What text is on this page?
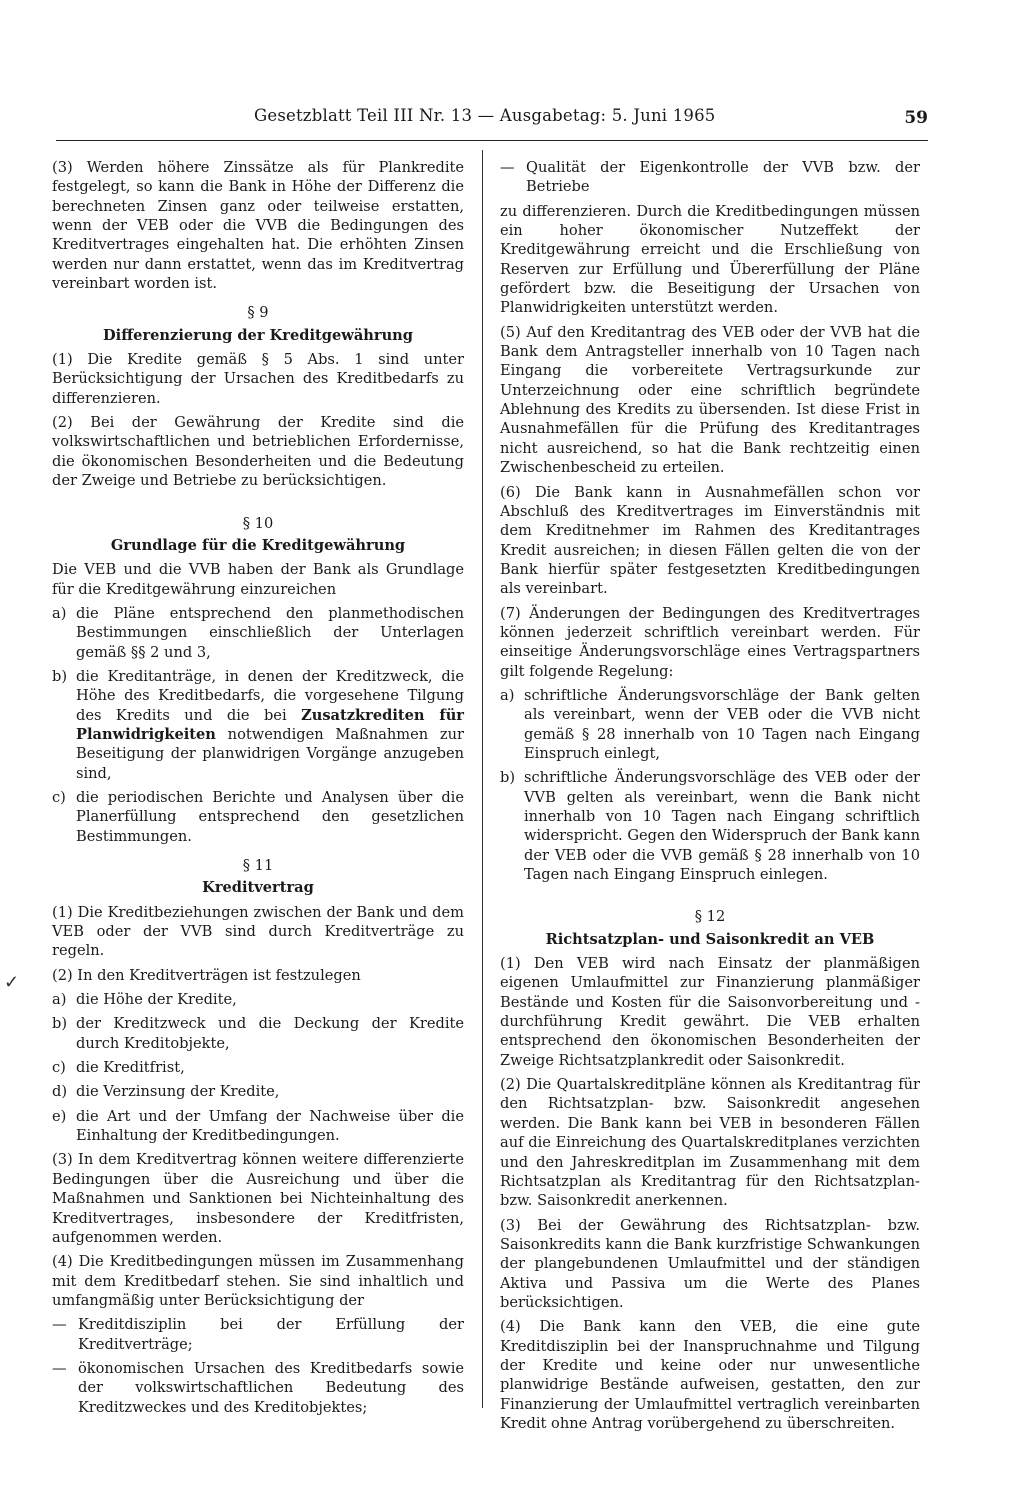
Gesetzblatt Teil III Nr. 13 — Ausgabetag: 5. Juni 1965	59
✓

(3) Werden höhere Zinssätze als für Plankredite festgelegt, so kann die Bank in Höhe der Differenz die berechneten Zinsen ganz oder teilweise erstatten, wenn der VEB oder die VVB die Bedingungen des Kreditvertrages eingehalten hat. Die erhöhten Zinsen werden nur dann erstattet, wenn das im Kreditvertrag vereinbart worden ist.

§ 9
Differenzierung der Kreditgewährung

(1) Die Kredite gemäß § 5 Abs. 1 sind unter Berücksichtigung der Ursachen des Kreditbedarfs zu differenzieren.

(2) Bei der Gewährung der Kredite sind die volkswirtschaftlichen und betrieblichen Erfordernisse, die ökonomischen Besonderheiten und die Bedeutung der Zweige und Betriebe zu berücksichtigen.

§ 10
Grundlage für die Kreditgewährung

Die VEB und die VVB haben der Bank als Grundlage für die Kreditgewährung einzureichen

a) die Pläne entsprechend den planmethodischen Bestimmungen einschließlich der Unterlagen gemäß §§ 2 und 3,
b) die Kreditanträge, in denen der Kreditzweck, die Höhe des Kreditbedarfs, die vorgesehene Tilgung des Kredits und die bei Zusatzkrediten für Planwidrigkeiten notwendigen Maßnahmen zur Beseitigung der planwidrigen Vorgänge anzugeben sind,
c) die periodischen Berichte und Analysen über die Planerfüllung entsprechend den gesetzlichen Bestimmungen.
§ 11
Kreditvertrag

(1) Die Kreditbeziehungen zwischen der Bank und dem VEB oder der VVB sind durch Kreditverträge zu regeln.

(2) In den Kreditverträgen ist festzulegen

a) die Höhe der Kredite,
b) der Kreditzweck und die Deckung der Kredite durch Kreditobjekte,
c) die Kreditfrist,
d) die Verzinsung der Kredite,
e) die Art und der Umfang der Nachweise über die Einhaltung der Kreditbedingungen.

(3) In dem Kreditvertrag können weitere differenzierte Bedingungen über die Ausreichung und über die Maßnahmen und Sanktionen bei Nichteinhaltung des Kreditvertrages, insbesondere der Kreditfristen, aufgenommen werden.

(4) Die Kreditbedingungen müssen im Zusammenhang mit dem Kreditbedarf stehen. Sie sind inhaltlich und umfangmäßig unter Berücksichtigung der

— Kreditdisziplin bei der Erfüllung der Kreditverträge;
— ökonomischen Ursachen des Kreditbedarfs sowie der volkswirtschaftlichen Bedeutung des Kreditzweckes und des Kreditobjektes;
— Qualität der Eigenkontrolle der VVB bzw. der Betriebe

zu differenzieren. Durch die Kreditbedingungen müssen ein hoher ökonomischer Nutzeffekt der Kreditgewährung erreicht und die Erschließung von Reserven zur Erfüllung und Übererfüllung der Pläne gefördert bzw. die Beseitigung der Ursachen von Planwidrigkeiten unterstützt werden.

(5) Auf den Kreditantrag des VEB oder der VVB hat die Bank dem Antragsteller innerhalb von 10 Tagen nach Eingang die vorbereitete Vertragsurkunde zur Unterzeichnung oder eine schriftlich begründete Ablehnung des Kredits zu übersenden. Ist diese Frist in Ausnahmefällen für die Prüfung des Kreditantrages nicht ausreichend, so hat die Bank rechtzeitig einen Zwischenbescheid zu erteilen.

(6) Die Bank kann in Ausnahmefällen schon vor Abschluß des Kreditvertrages im Einverständnis mit dem Kreditnehmer im Rahmen des Kreditantrages Kredit ausreichen; in diesen Fällen gelten die von der Bank hierfür später festgesetzten Kreditbedingungen als vereinbart.

(7) Änderungen der Bedingungen des Kreditvertrages können jederzeit schriftlich vereinbart werden. Für einseitige Änderungsvorschläge eines Vertragspartners gilt folgende Regelung:

a) schriftliche Änderungsvorschläge der Bank gelten als vereinbart, wenn der VEB oder die VVB nicht gemäß § 28 innerhalb von 10 Tagen nach Eingang Einspruch einlegt,
b) schriftliche Änderungsvorschläge des VEB oder der VVB gelten als vereinbart, wenn die Bank nicht innerhalb von 10 Tagen nach Eingang schriftlich widerspricht. Gegen den Widerspruch der Bank kann der VEB oder die VVB gemäß § 28 innerhalb von 10 Tagen nach Eingang Einspruch einlegen.
§ 12
Richtsatzplan- und Saisonkredit an VEB

(1) Den VEB wird nach Einsatz der planmäßigen eigenen Umlaufmittel zur Finanzierung planmäßiger Bestände und Kosten für die Saisonvorbereitung und -durchführung Kredit gewährt. Die VEB erhalten entsprechend den ökonomischen Besonderheiten der Zweige Richtsatzplankredit oder Saisonkredit.

(2) Die Quartalskreditpläne können als Kreditantrag für den Richtsatzplan- bzw. Saisonkredit angesehen werden. Die Bank kann bei VEB in besonderen Fällen auf die Einreichung des Quartalskreditplanes verzichten und den Jahreskreditplan im Zusammenhang mit dem Richtsatzplan als Kreditantrag für den Richtsatzplan- bzw. Saisonkredit anerkennen.

(3) Bei der Gewährung des Richtsatzplan- bzw. Saisonkredits kann die Bank kurzfristige Schwankungen der plangebundenen Umlaufmittel und der ständigen Aktiva und Passiva um die Werte des Planes berücksichtigen.

(4) Die Bank kann den VEB, die eine gute Kreditdisziplin bei der Inanspruchnahme und Tilgung der Kredite und keine oder nur unwesentliche planwidrige Bestände aufweisen, gestatten, den zur Finanzierung der Umlaufmittel vertraglich vereinbarten Kredit ohne Antrag vorübergehend zu überschreiten.
